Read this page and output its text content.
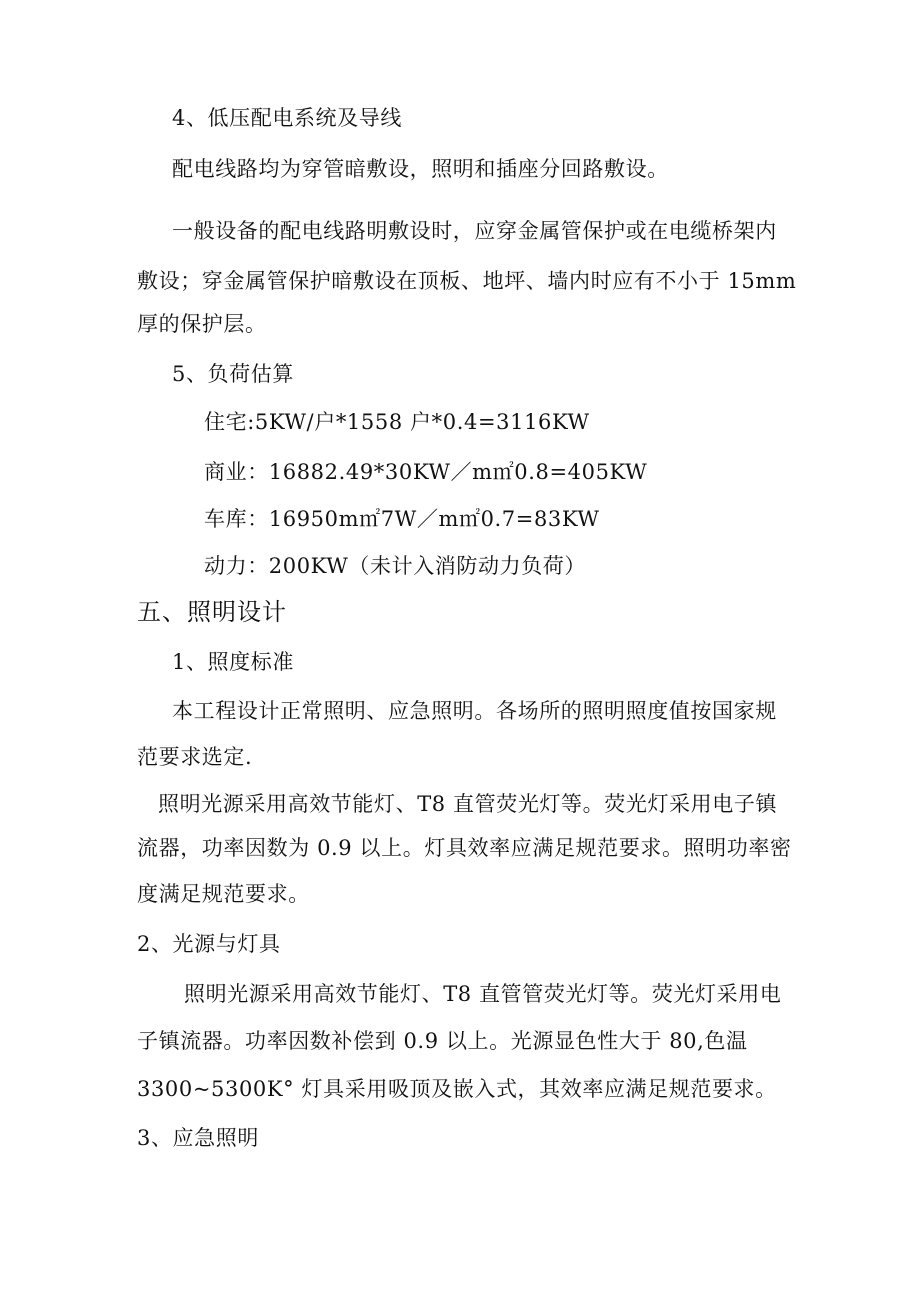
4、低压配电系统及导线
配电线路均为穿管暗敷设，照明和插座分回路敷设。
一般设备的配电线路明敷设时，应穿金属管保护或在电缆桥架内
敷设；穿金属管保护暗敷设在顶板、地坪、墙内时应有不小于 15mm
厚的保护层。
5、负荷估算
住宅:5KW/户*1558 户*0.4=3116KW
商业：16882.49*30KW／m㎡0.8=405KW
车库：16950m㎡7W／m㎡0.7=83KW
动力：200KW（未计入消防动力负荷）
五、照明设计
1、照度标准
本工程设计正常照明、应急照明。各场所的照明照度值按国家规
范要求选定.
照明光源采用高效节能灯、T8 直管荧光灯等。荧光灯采用电子镇
流器，功率因数为 0.9 以上。灯具效率应满足规范要求。照明功率密
度满足规范要求。
2、光源与灯具
照明光源采用高效节能灯、T8 直管管荧光灯等。荧光灯采用电
子镇流器。功率因数补偿到 0.9 以上。光源显色性大于 80,色温
3300~5300K° 灯具采用吸顶及嵌入式，其效率应满足规范要求。
3、应急照明
